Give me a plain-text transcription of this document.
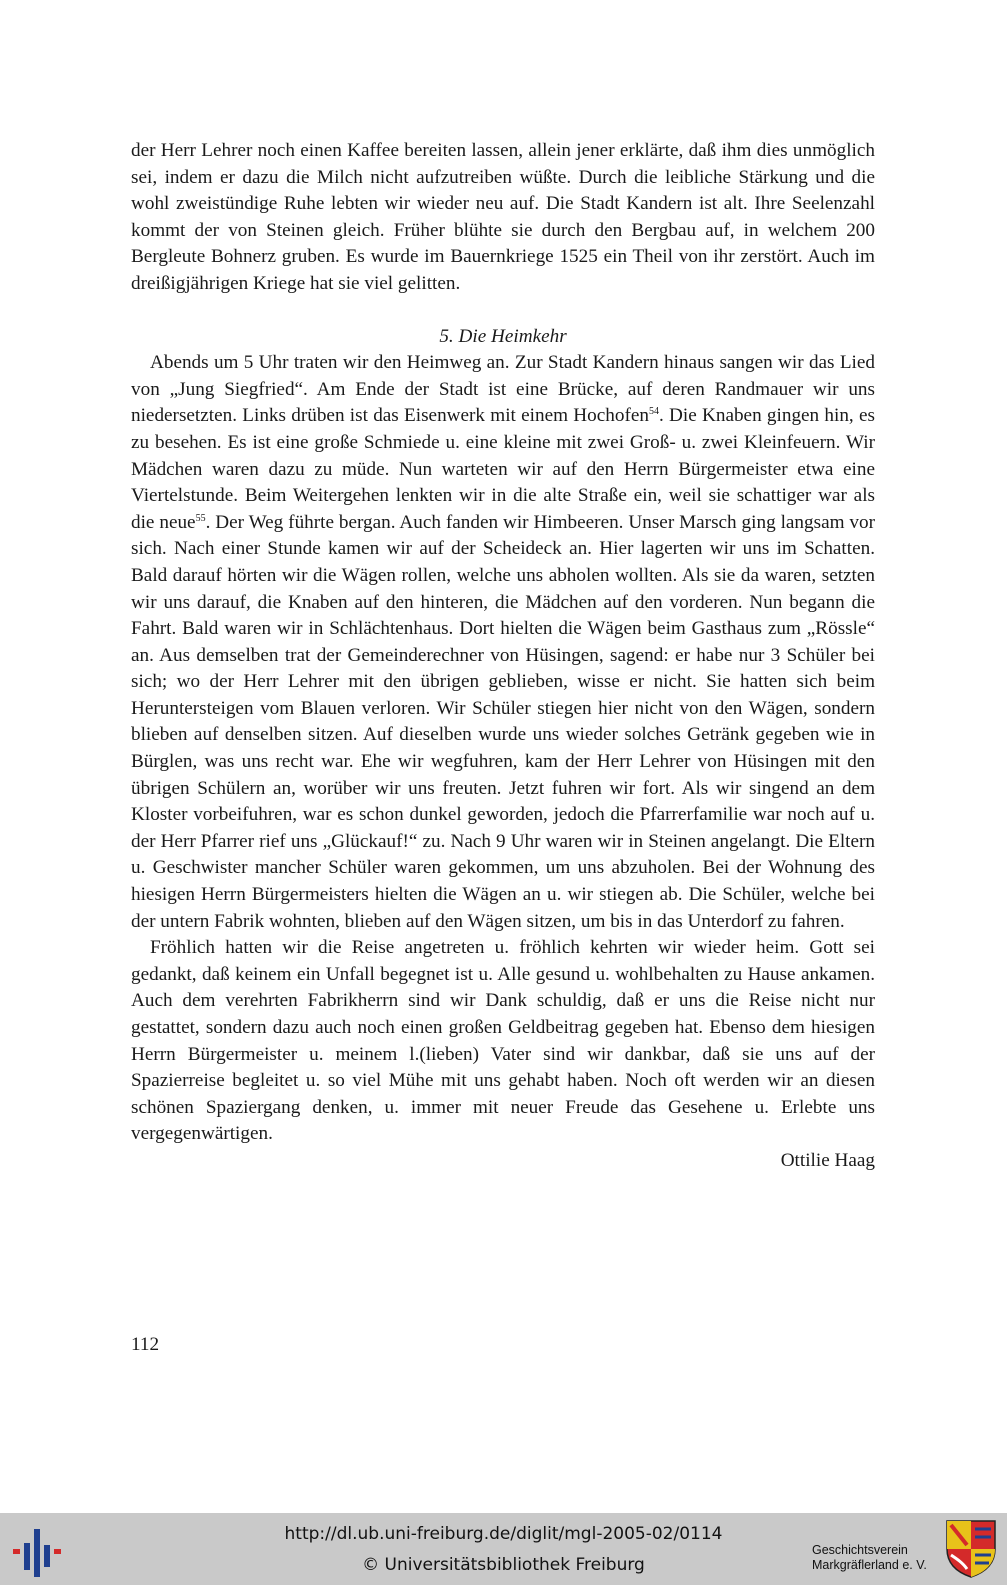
der Herr Lehrer noch einen Kaffee bereiten lassen, allein jener erklärte, daß ihm dies unmöglich sei, indem er dazu die Milch nicht aufzutreiben wüßte. Durch die leibliche Stärkung und die wohl zweistündige Ruhe lebten wir wieder neu auf. Die Stadt Kandern ist alt. Ihre Seelenzahl kommt der von Steinen gleich. Früher blühte sie durch den Bergbau auf, in welchem 200 Bergleute Bohnerz gruben. Es wurde im Bauernkriege 1525 ein Theil von ihr zerstört. Auch im dreißigjährigen Kriege hat sie viel gelitten.

5. Die Heimkehr

Abends um 5 Uhr traten wir den Heimweg an. Zur Stadt Kandern hinaus sangen wir das Lied von „Jung Siegfried“. Am Ende der Stadt ist eine Brücke, auf deren Randmauer wir uns niedersetzten. Links drüben ist das Eisenwerk mit einem Hochofen$^{54}$. Die Knaben gingen hin, es zu besehen. Es ist eine große Schmiede u. eine kleine mit zwei Groß- u. zwei Kleinfeuern. Wir Mädchen waren dazu zu müde. Nun warteten wir auf den Herrn Bürgermeister etwa eine Viertelstunde. Beim Weitergehen lenkten wir in die alte Straße ein, weil sie schattiger war als die neue$^{55}$. Der Weg führte bergan. Auch fanden wir Himbeeren. Unser Marsch ging langsam vor sich. Nach einer Stunde kamen wir auf der Scheideck an. Hier lagerten wir uns im Schatten. Bald darauf hörten wir die Wägen rollen, welche uns abholen wollten. Als sie da waren, setzten wir uns darauf, die Knaben auf den hinteren, die Mädchen auf den vorderen. Nun begann die Fahrt. Bald waren wir in Schlächtenhaus. Dort hielten die Wägen beim Gasthaus zum „Rössle“ an. Aus demselben trat der Gemeinderechner von Hüsingen, sagend: er habe nur 3 Schüler bei sich; wo der Herr Lehrer mit den übrigen geblieben, wisse er nicht. Sie hatten sich beim Heruntersteigen vom Blauen verloren. Wir Schüler stiegen hier nicht von den Wägen, sondern blieben auf denselben sitzen. Auf dieselben wurde uns wieder solches Getränk gegeben wie in Bürglen, was uns recht war. Ehe wir wegfuhren, kam der Herr Lehrer von Hüsingen mit den übrigen Schülern an, worüber wir uns freuten. Jetzt fuhren wir fort. Als wir singend an dem Kloster vorbeifuhren, war es schon dunkel geworden, jedoch die Pfarrerfamilie war noch auf u. der Herr Pfarrer rief uns „Glückauf!“ zu. Nach 9 Uhr waren wir in Steinen angelangt. Die Eltern u. Geschwister mancher Schüler waren gekommen, um uns abzuholen. Bei der Wohnung des hiesigen Herrn Bürgermeisters hielten die Wägen an u. wir stiegen ab. Die Schüler, welche bei der untern Fabrik wohnten, blieben auf den Wägen sitzen, um bis in das Unterdorf zu fahren.

Fröhlich hatten wir die Reise angetreten u. fröhlich kehrten wir wieder heim. Gott sei gedankt, daß keinem ein Unfall begegnet ist u. Alle gesund u. wohlbehalten zu Hause ankamen. Auch dem verehrten Fabrikherrn sind wir Dank schuldig, daß er uns die Reise nicht nur gestattet, sondern dazu auch noch einen großen Geldbeitrag gegeben hat. Ebenso dem hiesigen Herrn Bürgermeister u. meinem l.(lieben) Vater sind wir dankbar, daß sie uns auf der Spazierreise begleitet u. so viel Mühe mit uns gehabt haben. Noch oft werden wir an diesen schönen Spaziergang denken, u. immer mit neuer Freude das Gesehene u. Erlebte uns vergegenwärtigen.

Ottilie Haag

112
http://dl.ub.uni-freiburg.de/diglit/mgl-2005-02/0114
© Universitätsbibliothek Freiburg
Geschichtsverein
Markgräflerland e. V.
